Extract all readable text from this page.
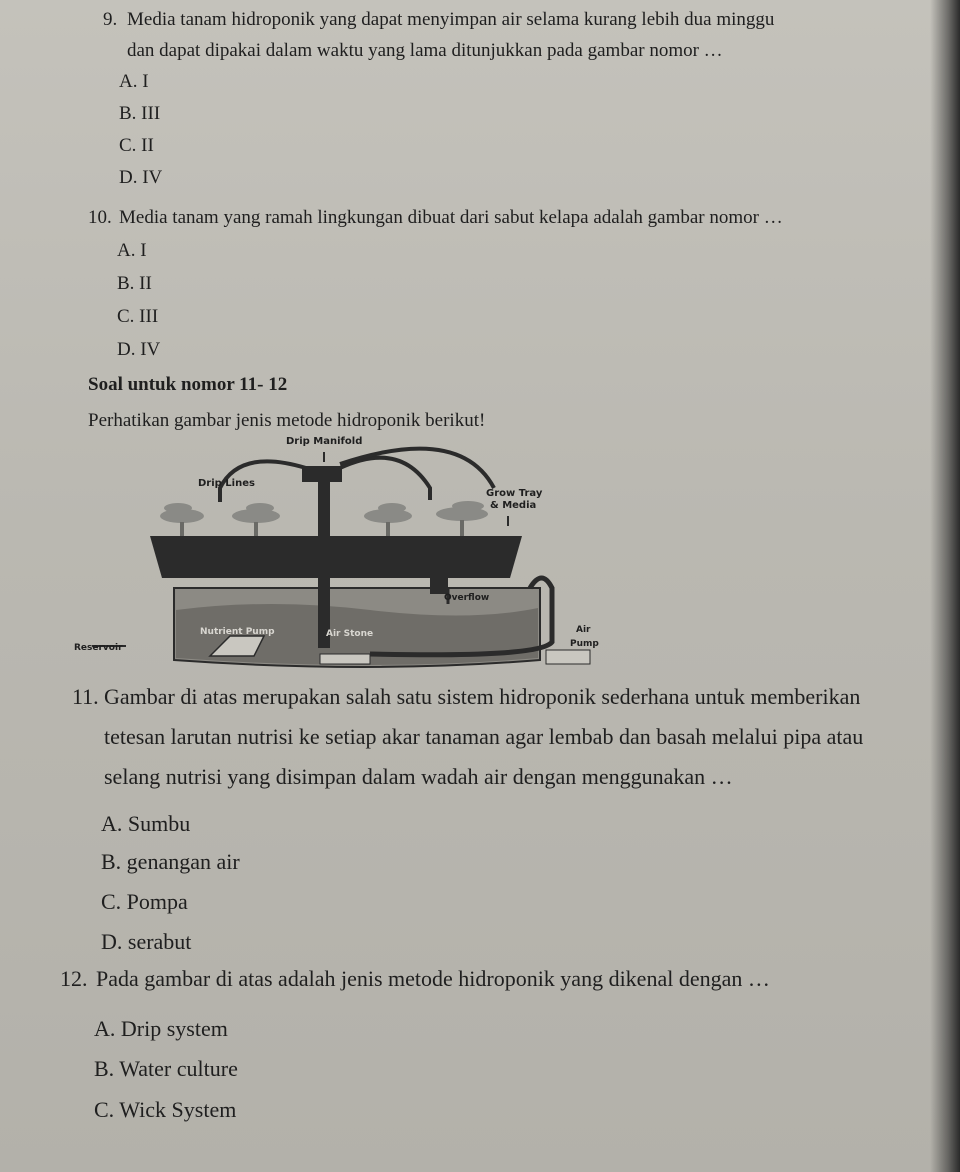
9. Media tanam hidroponik yang dapat menyimpan air selama kurang lebih dua minggu
dan dapat dipakai dalam waktu yang lama ditunjukkan pada gambar nomor …
A. I
B. III
C. II
D. IV
10. Media tanam yang ramah lingkungan dibuat dari sabut kelapa adalah gambar nomor …
A. I
B. II
C. III
D. IV
Soal untuk nomor 11- 12
Perhatikan gambar jenis metode hidroponik berikut!
Drip Manifold
Drip Lines
Grow Tray
& Media
Overflow
Air
Pump
Reservoir
Nutrient Pump	Air Stone
11. Gambar di atas merupakan salah satu sistem hidroponik sederhana untuk memberikan
tetesan larutan nutrisi ke setiap akar tanaman agar lembab dan basah melalui pipa atau
selang nutrisi yang disimpan dalam wadah air dengan menggunakan …
A. Sumbu
B. genangan air
C. Pompa
D. serabut
12. Pada gambar di atas adalah jenis metode hidroponik yang dikenal dengan …
A. Drip system
B. Water culture
C. Wick System
